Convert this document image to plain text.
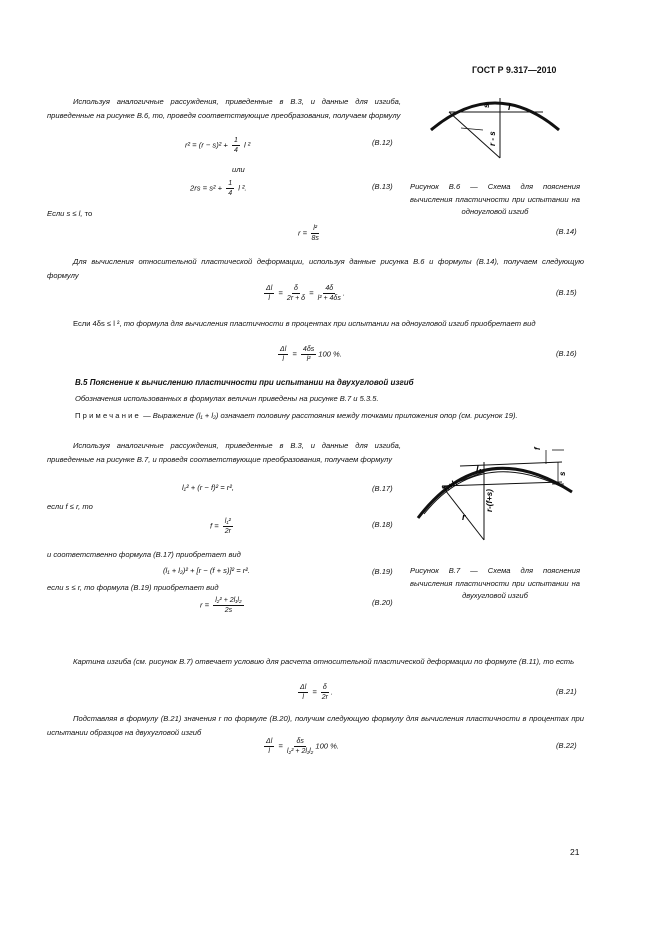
ГОСТ Р 9.317—2010
Используя аналогичные рассуждения, приведенные в В.3, и данные для изгиба, приведенные на рисунке В.6, то, проведя соответствующие преобразования, получаем формулу
$r^2 = (r - s)^2 + \frac{1}{4}$ l ²	(В.12)
или
$2rs = s^2 + \frac{1}{4}$ l ².	(В.13)
Если s ≤ l, то
$r = \frac{\text{l²}}{8s}$	(В.14)
Для вычисления относительной пластической деформации, используя данные рисунка В.6 и формулы (В.14), получаем следующую формулу
$\frac{\Delta l}{l} = \frac{\delta}{2r + \delta} = \frac{4\delta}{\text{l² + 4δs}}$ .	(В.15)
Если 4δs ≤ l ², то формула для вычисления пластичности в процентах при испытании на одноугловой изгиб приобретает вид
$\frac{\Delta l}{l} = \frac{4\delta s}{\text{l²}} 100$ %.	(В.16)
В.5 Пояснение к вычислению пластичности при испытании на двухугловой изгиб
Обозначения использованных в формулах величин приведены на рисунке В.7 и 5.3.5.
Примечание — Выражение (l₁ + l₂) означает половину расстояния между точками приложения опор (см. рисунок 19).
Используя аналогичные рассуждения, приведенные в В.3, и данные для изгиба, приведенные на рисунке В.7, и проведя соответствующие преобразования, получаем формулу
l₁² + (r − f)² = r²,	(В.17)
если f ≤ r, то
$f = \frac{\text{l₁²}}{2r}$	(В.18)
и соответственно формула (В.17) приобретает вид
(l₁ + l₂)² + [r − (f + s)]² = r².	(В.19)
если s ≤ r, то формула (В.19) приобретает вид
$r = \frac{\text{l₂² + 2l₁l₂}}{2s}$	(В.20)
Картина изгиба (см. рисунок В.7) отвечает условию для расчета относительной пластической деформации по формуле (В.11), то есть
$\frac{\Delta l}{l} = \frac{\delta}{2r}$ .	(В.21)
Подставляя в формулу (В.21) значения r по формуле (В.20), получим следующую формулу для вычисления пластичности в процентах при испытании образцов на двухугловой изгиб
$\frac{\Delta l}{l} = \frac{\delta s}{\text{l₂² + 2l₁l₂}} 100$ %.	(В.22)
s l
r - s
Рисунок В.6 — Схема для пояснения вычисления пластичности при испытании на одноугловой изгиб
f
s
l₁
l₁+l₂
r
r-(f+s)
Рисунок В.7 — Схема для пояснения вычисления пластичности при испытании на двухугловой изгиб
21
